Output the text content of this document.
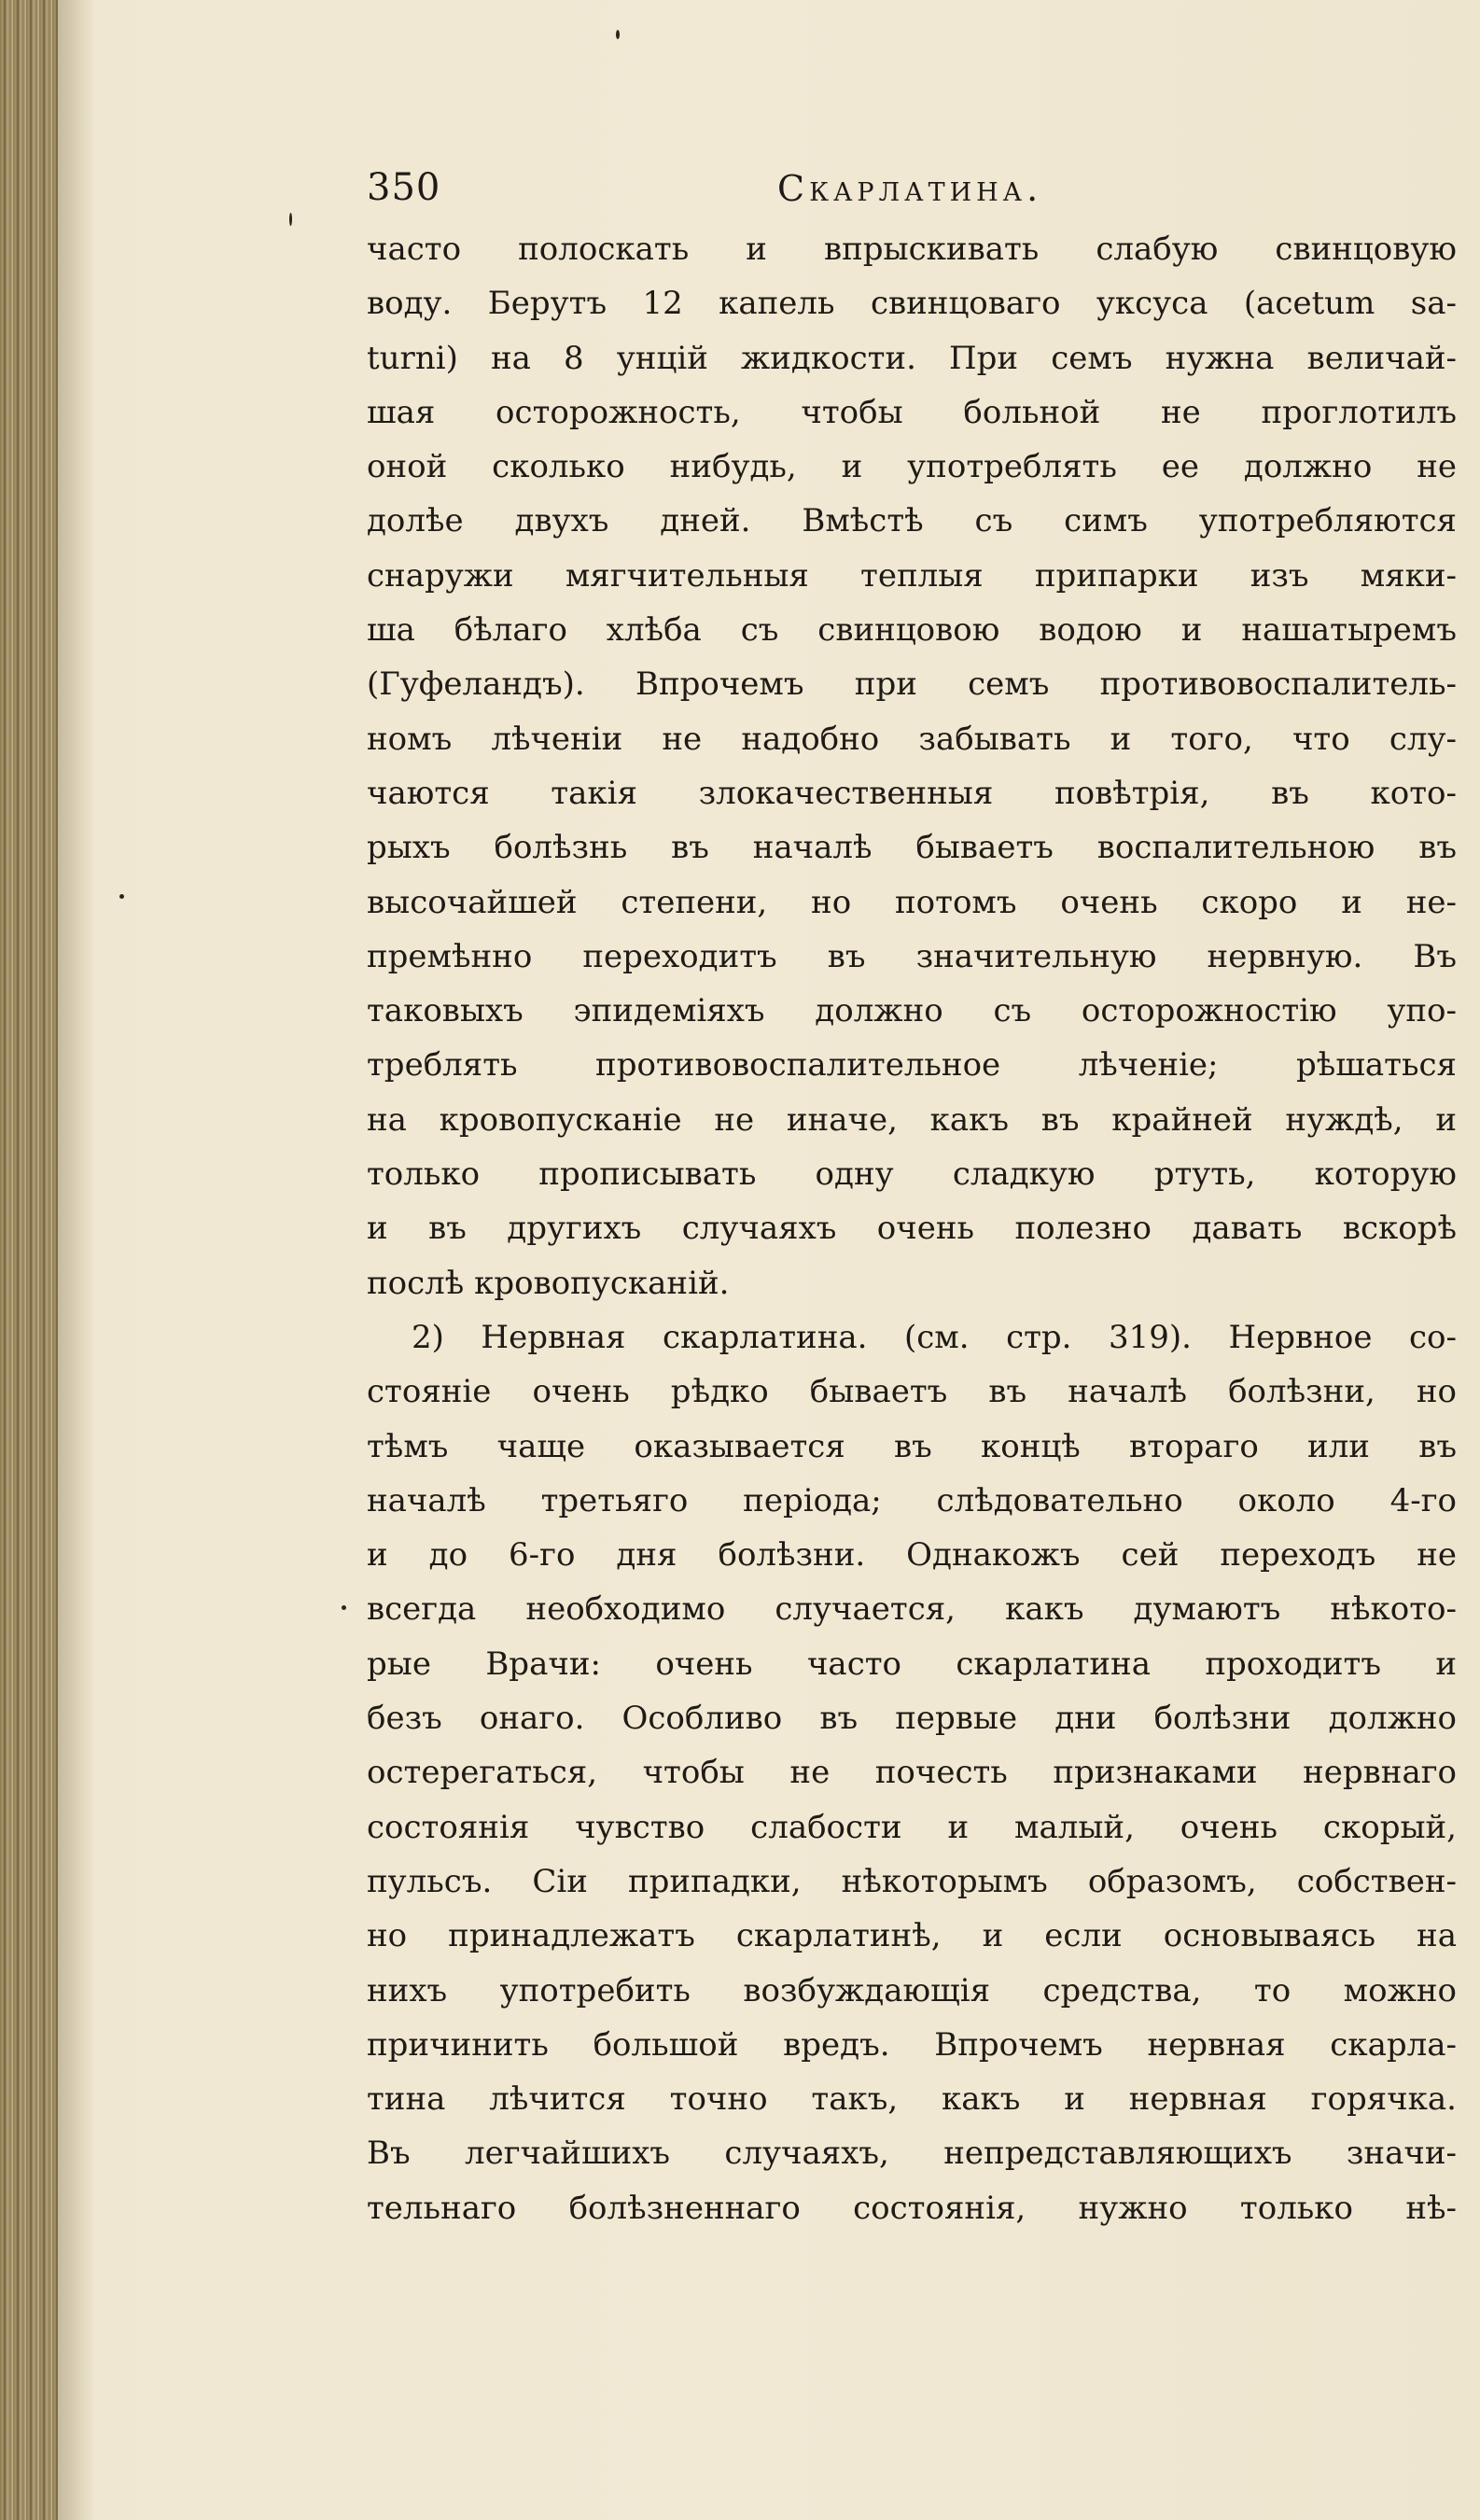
350	Скарлатина.
часто полоскать и впрыскивать слабую свинцовую
воду. Берутъ 12 капель свинцоваго уксуса (acetum sa-
turni) на 8 унцій жидкости. При семъ нужна величай-
шая осторожность, чтобы больной не проглотилъ
оной сколько нибудь, и употреблять ее должно не
долѣе двухъ дней. Вмѣстѣ съ симъ употребляются
снаружи мягчительныя теплыя припарки изъ мяки-
ша бѣлаго хлѣба съ свинцовою водою и нашатыремъ
(Гуфеландъ). Впрочемъ при семъ противовоспалитель-
номъ лѣченіи не надобно забывать и того, что слу-
чаются такія злокачественныя повѣтрія, въ кото-
рыхъ болѣзнь въ началѣ бываетъ воспалительною въ
высочайшей степени, но потомъ очень скоро и не-
премѣнно переходитъ въ значительную нервную. Въ
таковыхъ эпидеміяхъ должно съ осторожностію упо-
треблять противовоспалительное лѣченіе; рѣшаться
на кровопусканіе не иначе, какъ въ крайней нуждѣ, и
только прописывать одну сладкую ртуть, которую
и въ другихъ случаяхъ очень полезно давать вскорѣ
послѣ кровопусканій.
2) Нервная скарлатина. (см. стр. 319). Нервное со-
стояніе очень рѣдко бываетъ въ началѣ болѣзни, но
тѣмъ чаще оказывается въ концѣ втораго или въ
началѣ третьяго періода; слѣдовательно около 4-го
и до 6-го дня болѣзни. Однакожъ сей переходъ не
всегда необходимо случается, какъ думаютъ нѣкото-
рые Врачи: очень часто скарлатина проходитъ и
безъ онаго. Особливо въ первые дни болѣзни должно
остерегаться, чтобы не почесть признаками нервнаго
состоянія чувство слабости и малый, очень скорый,
пульсъ. Сіи припадки, нѣкоторымъ образомъ, собствен-
но принадлежатъ скарлатинѣ, и если основываясь на
нихъ употребить возбуждающія средства, то можно
причинить большой вредъ. Впрочемъ нервная скарла-
тина лѣчится точно такъ, какъ и нервная горячка.
Въ легчайшихъ случаяхъ, непредставляющихъ значи-
тельнаго болѣзненнаго состоянія, нужно только нѣ-
